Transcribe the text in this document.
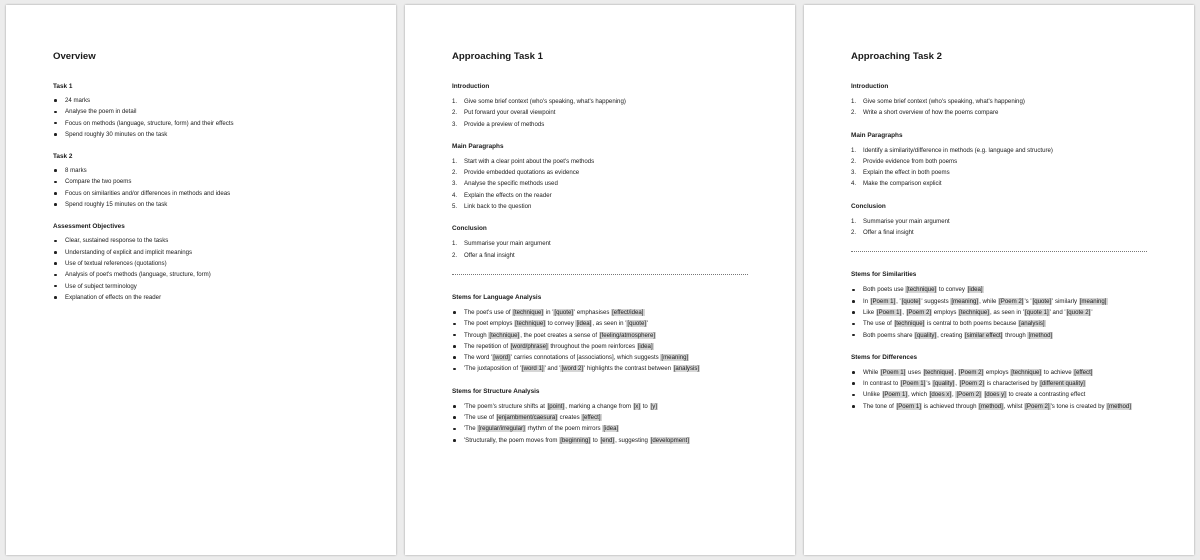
Overview
Task 1
24 marks
Analyse the poem in detail
Focus on methods (language, structure, form) and their effects
Spend roughly 30 minutes on the task
Task 2
8 marks
Compare the two poems
Focus on similarities and/or differences in methods and ideas
Spend roughly 15 minutes on the task
Assessment Objectives
Clear, sustained response to the tasks
Understanding of explicit and implicit meanings
Use of textual references (quotations)
Analysis of poet's methods (language, structure, form)
Use of subject terminology
Explanation of effects on the reader
Approaching Task 1
Introduction
1. Give some brief context (who's speaking, what's happening)
2. Put forward your overall viewpoint
3. Provide a preview of methods
Main Paragraphs
1. Start with a clear point about the poet's methods
2. Provide embedded quotations as evidence
3. Analyse the specific methods used
4. Explain the effects on the reader
5. Link back to the question
Conclusion
1. Summarise your main argument
2. Offer a final insight
Stems for Language Analysis
The poet's use of [technique] in '[quote]' emphasises [effect/idea]
The poet employs [technique] to convey [idea], as seen in '[quote]'
Through [technique], the poet creates a sense of [feeling/atmosphere]
The repetition of [word/phrase] throughout the poem reinforces [idea]
The word '[word]' carries connotations of [associations], which suggests [meaning]
'The juxtaposition of '[word 1]' and '[word 2]' highlights the contrast between [analysis]
Stems for Structure Analysis
'The poem's structure shifts at [point], marking a change from [x] to [y]
'The use of [enjambment/caesura] creates [effect]
'The [regular/irregular] rhythm of the poem mirrors [idea]
'Structurally, the poem moves from [beginning] to [end], suggesting [development]
Approaching Task 2
Introduction
1. Give some brief context (who's speaking, what's happening)
2. Write a short overview of how the poems compare
Main Paragraphs
1. Identify a similarity/difference in methods (e.g. language and structure)
2. Provide evidence from both poems
3. Explain the effect in both poems
4. Make the comparison explicit
Conclusion
1. Summarise your main argument
2. Offer a final insight
Stems for Similarities
Both poets use [technique] to convey [idea]
In [Poem 1], '[quote]' suggests [meaning], while [Poem 2]'s '[quote]' similarly [meaning]
Like [Poem 1], [Poem 2] employs [technique], as seen in '[quote 1]' and '[quote 2]'
The use of [technique] is central to both poems because [analysis]
Both poems share [quality], creating [similar effect] through [method]
Stems for Differences
While [Poem 1] uses [technique], [Poem 2] employs [technique] to achieve [effect]
In contrast to [Poem 1]'s [quality], [Poem 2] is characterised by [different quality]
Unlike [Poem 1], which [does x], [Poem 2] [does y] to create a contrasting effect
The tone of [Poem 1] is achieved through [method], whilst [Poem 2]'s tone is created by [method]
